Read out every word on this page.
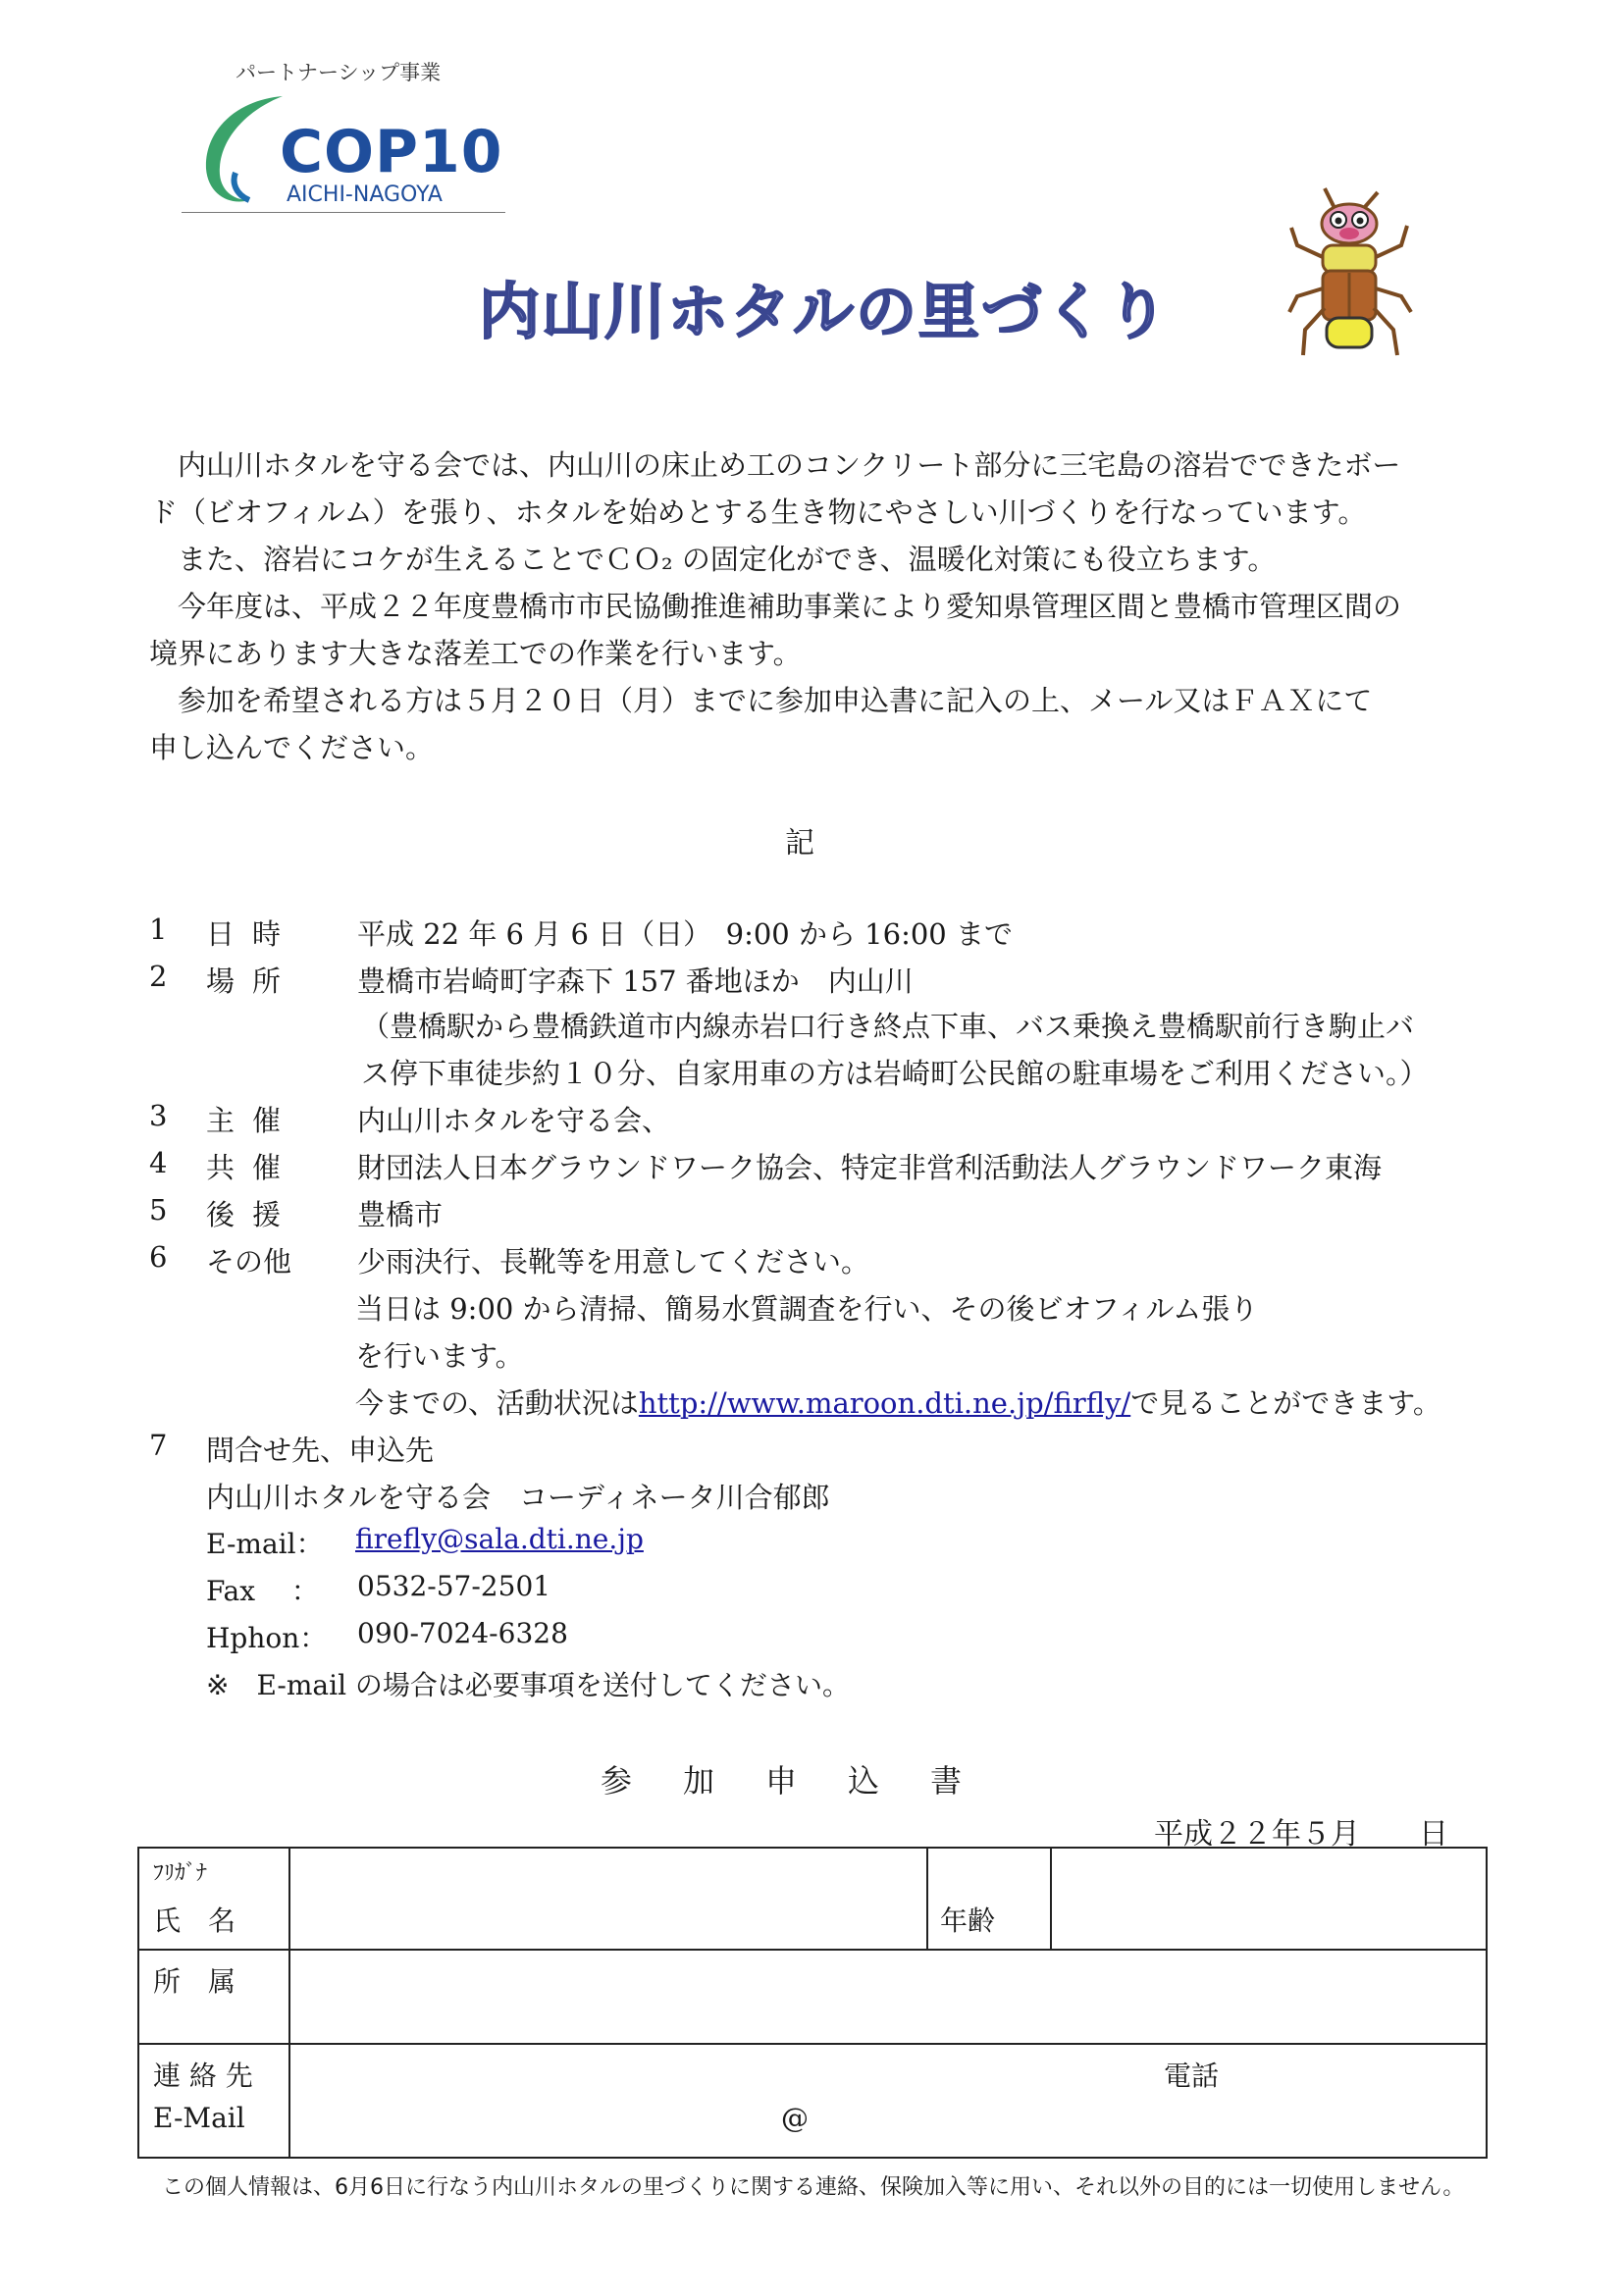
パートナーシップ事業
COP10
AICHI-NAGOYA
内山川ホタルの里づくり
　内山川ホタルを守る会では、内山川の床止め工のコンクリート部分に三宅島の溶岩でできたボー
ド（ビオフィルム）を張り、ホタルを始めとする生き物にやさしい川づくりを行なっています。
　また、溶岩にコケが生えることでＣＯ₂ の固定化ができ、温暖化対策にも役立ちます。
　今年度は、平成２２年度豊橋市市民協働推進補助事業により愛知県管理区間と豊橋市管理区間の
境界にあります大きな落差工での作業を行います。
　参加を希望される方は５月２０日（月）までに参加申込書に記入の上、メール又はＦＡＸにて
申し込んでください。
記
1 日時 平成 22 年 6 月 6 日（日）　9:00 から 16:00 まで
2 場所 豊橋市岩崎町字森下 157 番地ほか　内山川
（豊橋駅から豊橋鉄道市内線赤岩口行き終点下車、バス乗換え豊橋駅前行き駒止バ
ス停下車徒歩約１０分、自家用車の方は岩崎町公民館の駐車場をご利用ください。）
3 主催 内山川ホタルを守る会、
4 共催 財団法人日本グラウンドワーク協会、特定非営利活動法人グラウンドワーク東海
5 後援 豊橋市
6 その他 少雨決行、長靴等を用意してください。
当日は 9:00 から清掃、簡易水質調査を行い、その後ビオフィルム張り
を行います。
今までの、活動状況はhttp://www.maroon.dti.ne.jp/firfly/で見ることができます。
7 問合せ先、申込先
内山川ホタルを守る会　コーディネータ川合郁郎
E-mail： firefly@sala.dti.ne.jp
Fax　 ： 0532-57-2501
Hphon： 090-7024-6328
※　E-mail の場合は必要事項を送付してください。
参加申込書
平成２２年５月　　日
ﾌﾘｶﾞﾅ
氏　名	年齢
所　属
連 絡 先	電話
E-Mail	@
この個人情報は、6月6日に行なう内山川ホタルの里づくりに関する連絡、保険加入等に用い、それ以外の目的には一切使用しません。
